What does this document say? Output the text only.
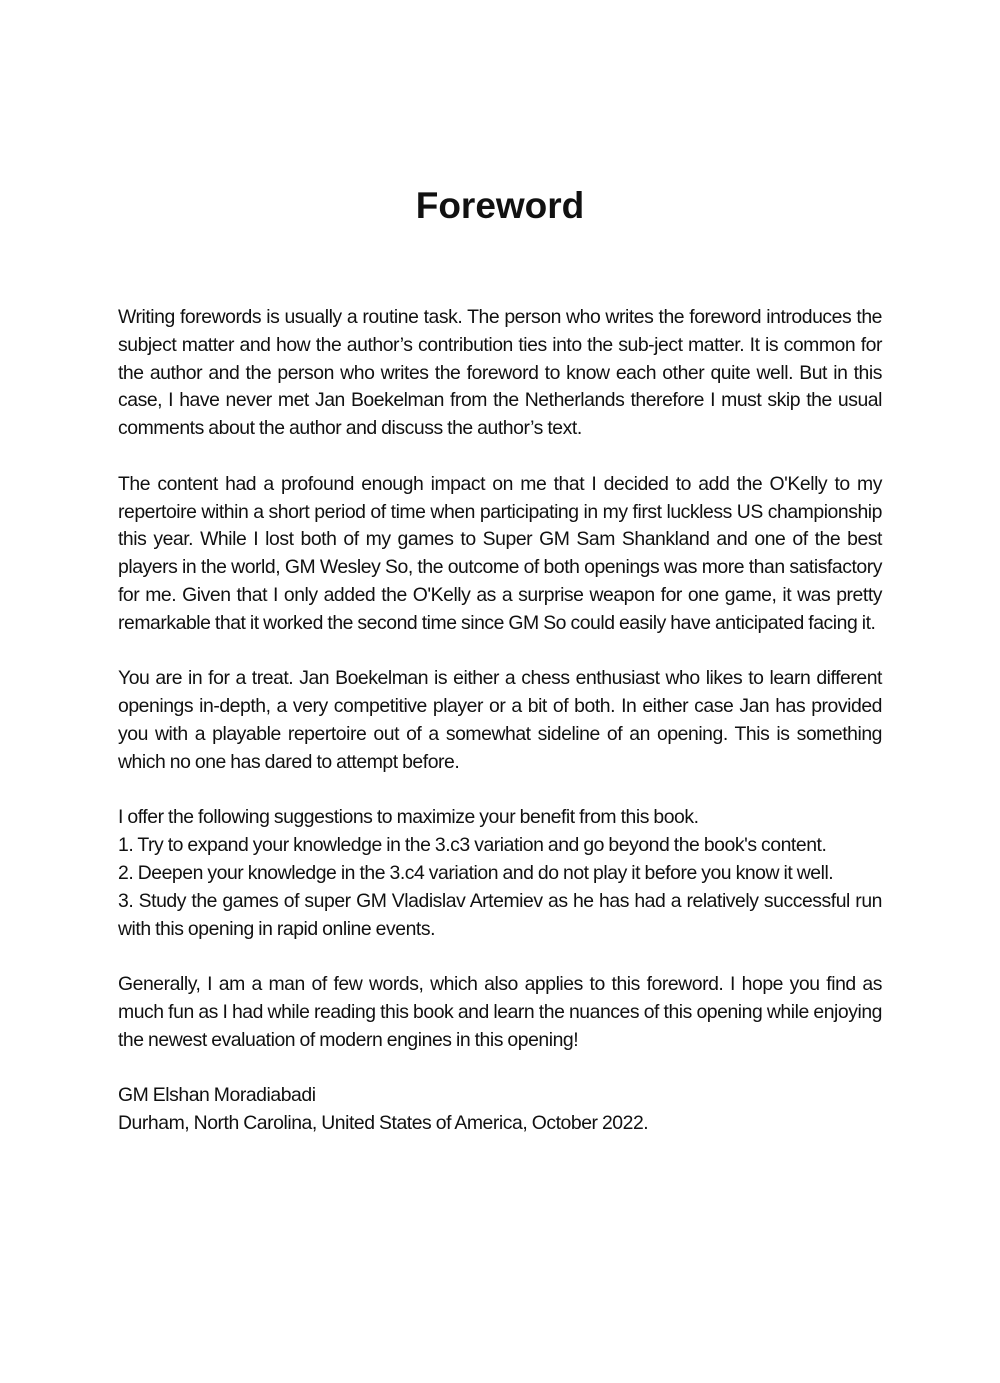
Foreword

Writing forewords is usually a routine task. The person who writes the foreword introduces the subject matter and how the author’s contribution ties into the sub-ject matter. It is common for the author and the person who writes the foreword to know each other quite well. But in this case, I have never met Jan Boekelman from the Netherlands therefore I must skip the usual comments about the author and discuss the author’s text.

The content had a profound enough impact on me that I decided to add the O'Kelly to my repertoire within a short period of time when participating in my first luckless US championship this year. While I lost both of my games to Super GM Sam Shankland and one of the best players in the world, GM Wesley So, the outcome of both openings was more than satisfactory for me. Given that I only added the O'Kelly as a surprise weapon for one game, it was pretty remarkable that it worked the second time since GM So could easily have anticipated facing it.

You are in for a treat. Jan Boekelman is either a chess enthusiast who likes to learn different openings in-depth, a very competitive player or a bit of both. In either case Jan has provided you with a playable repertoire out of a somewhat sideline of an opening. This is something which no one has dared to attempt before.

I offer the following suggestions to maximize your benefit from this book.
1. Try to expand your knowledge in the 3.c3 variation and go beyond the book's content.
2. Deepen your knowledge in the 3.c4 variation and do not play it before you know it well.
3. Study the games of super GM Vladislav Artemiev as he has had a relatively successful run with this opening in rapid online events.

Generally, I am a man of few words, which also applies to this foreword. I hope you find as much fun as I had while reading this book and learn the nuances of this opening while enjoying the newest evaluation of modern engines in this opening!

GM Elshan Moradiabadi
Durham, North Carolina, United States of America, October 2022.
